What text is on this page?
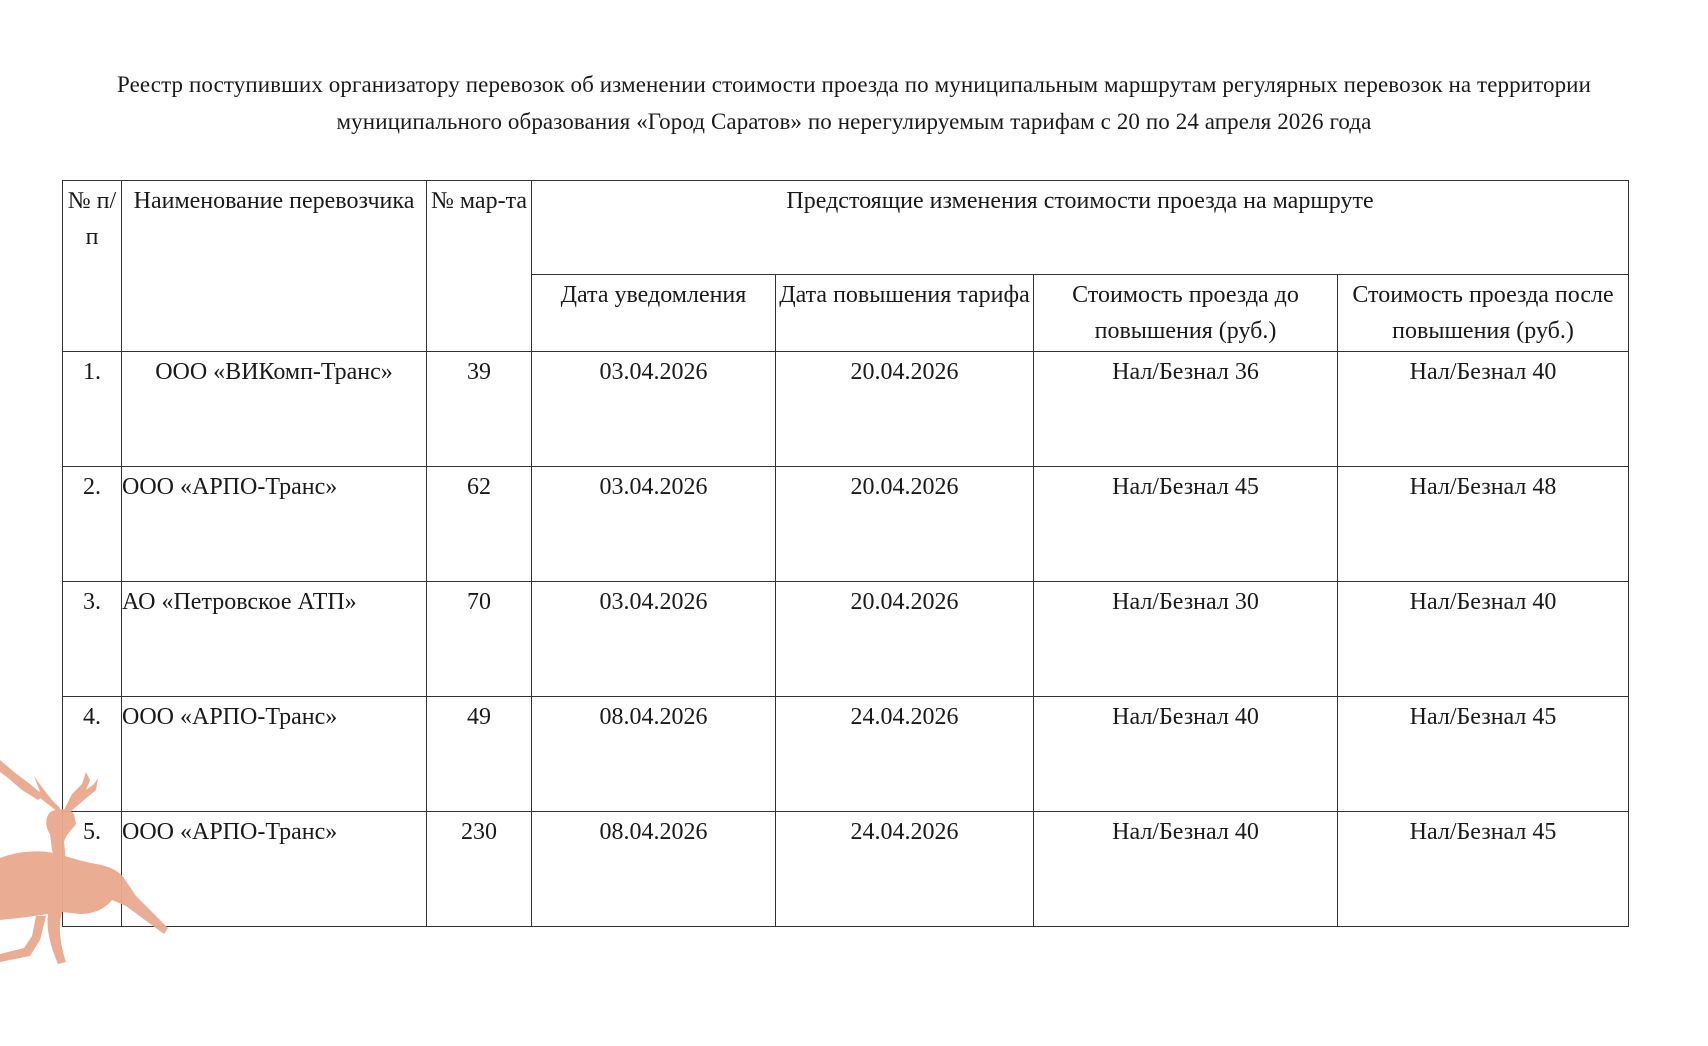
Реестр поступивших организатору перевозок об изменении стоимости проезда по муниципальным маршрутам регулярных перевозок на территории
муниципального образования «Город Саратов» по нерегулируемым тарифам с 20 по 24 апреля 2026 года
№ п/п	Наименование перевозчика	№ мар-та	Предстоящие изменения стоимости проезда на маршруте			
			Дата уведомления	Дата повышения тарифа	Стоимость проезда до повышения (руб.)	Стоимость проезда после повышения (руб.)
1.	ООО «ВИКомп-Транс»	39	03.04.2026	20.04.2026	Нал/Безнал 36	Нал/Безнал 40
2.	ООО «АРПО-Транс»	62	03.04.2026	20.04.2026	Нал/Безнал 45	Нал/Безнал 48
3.	АО «Петровское АТП»	70	03.04.2026	20.04.2026	Нал/Безнал 30	Нал/Безнал 40
4.	ООО «АРПО-Транс»	49	08.04.2026	24.04.2026	Нал/Безнал 40	Нал/Безнал 45
5.	ООО «АРПО-Транс»	230	08.04.2026	24.04.2026	Нал/Безнал 40	Нал/Безнал 45
